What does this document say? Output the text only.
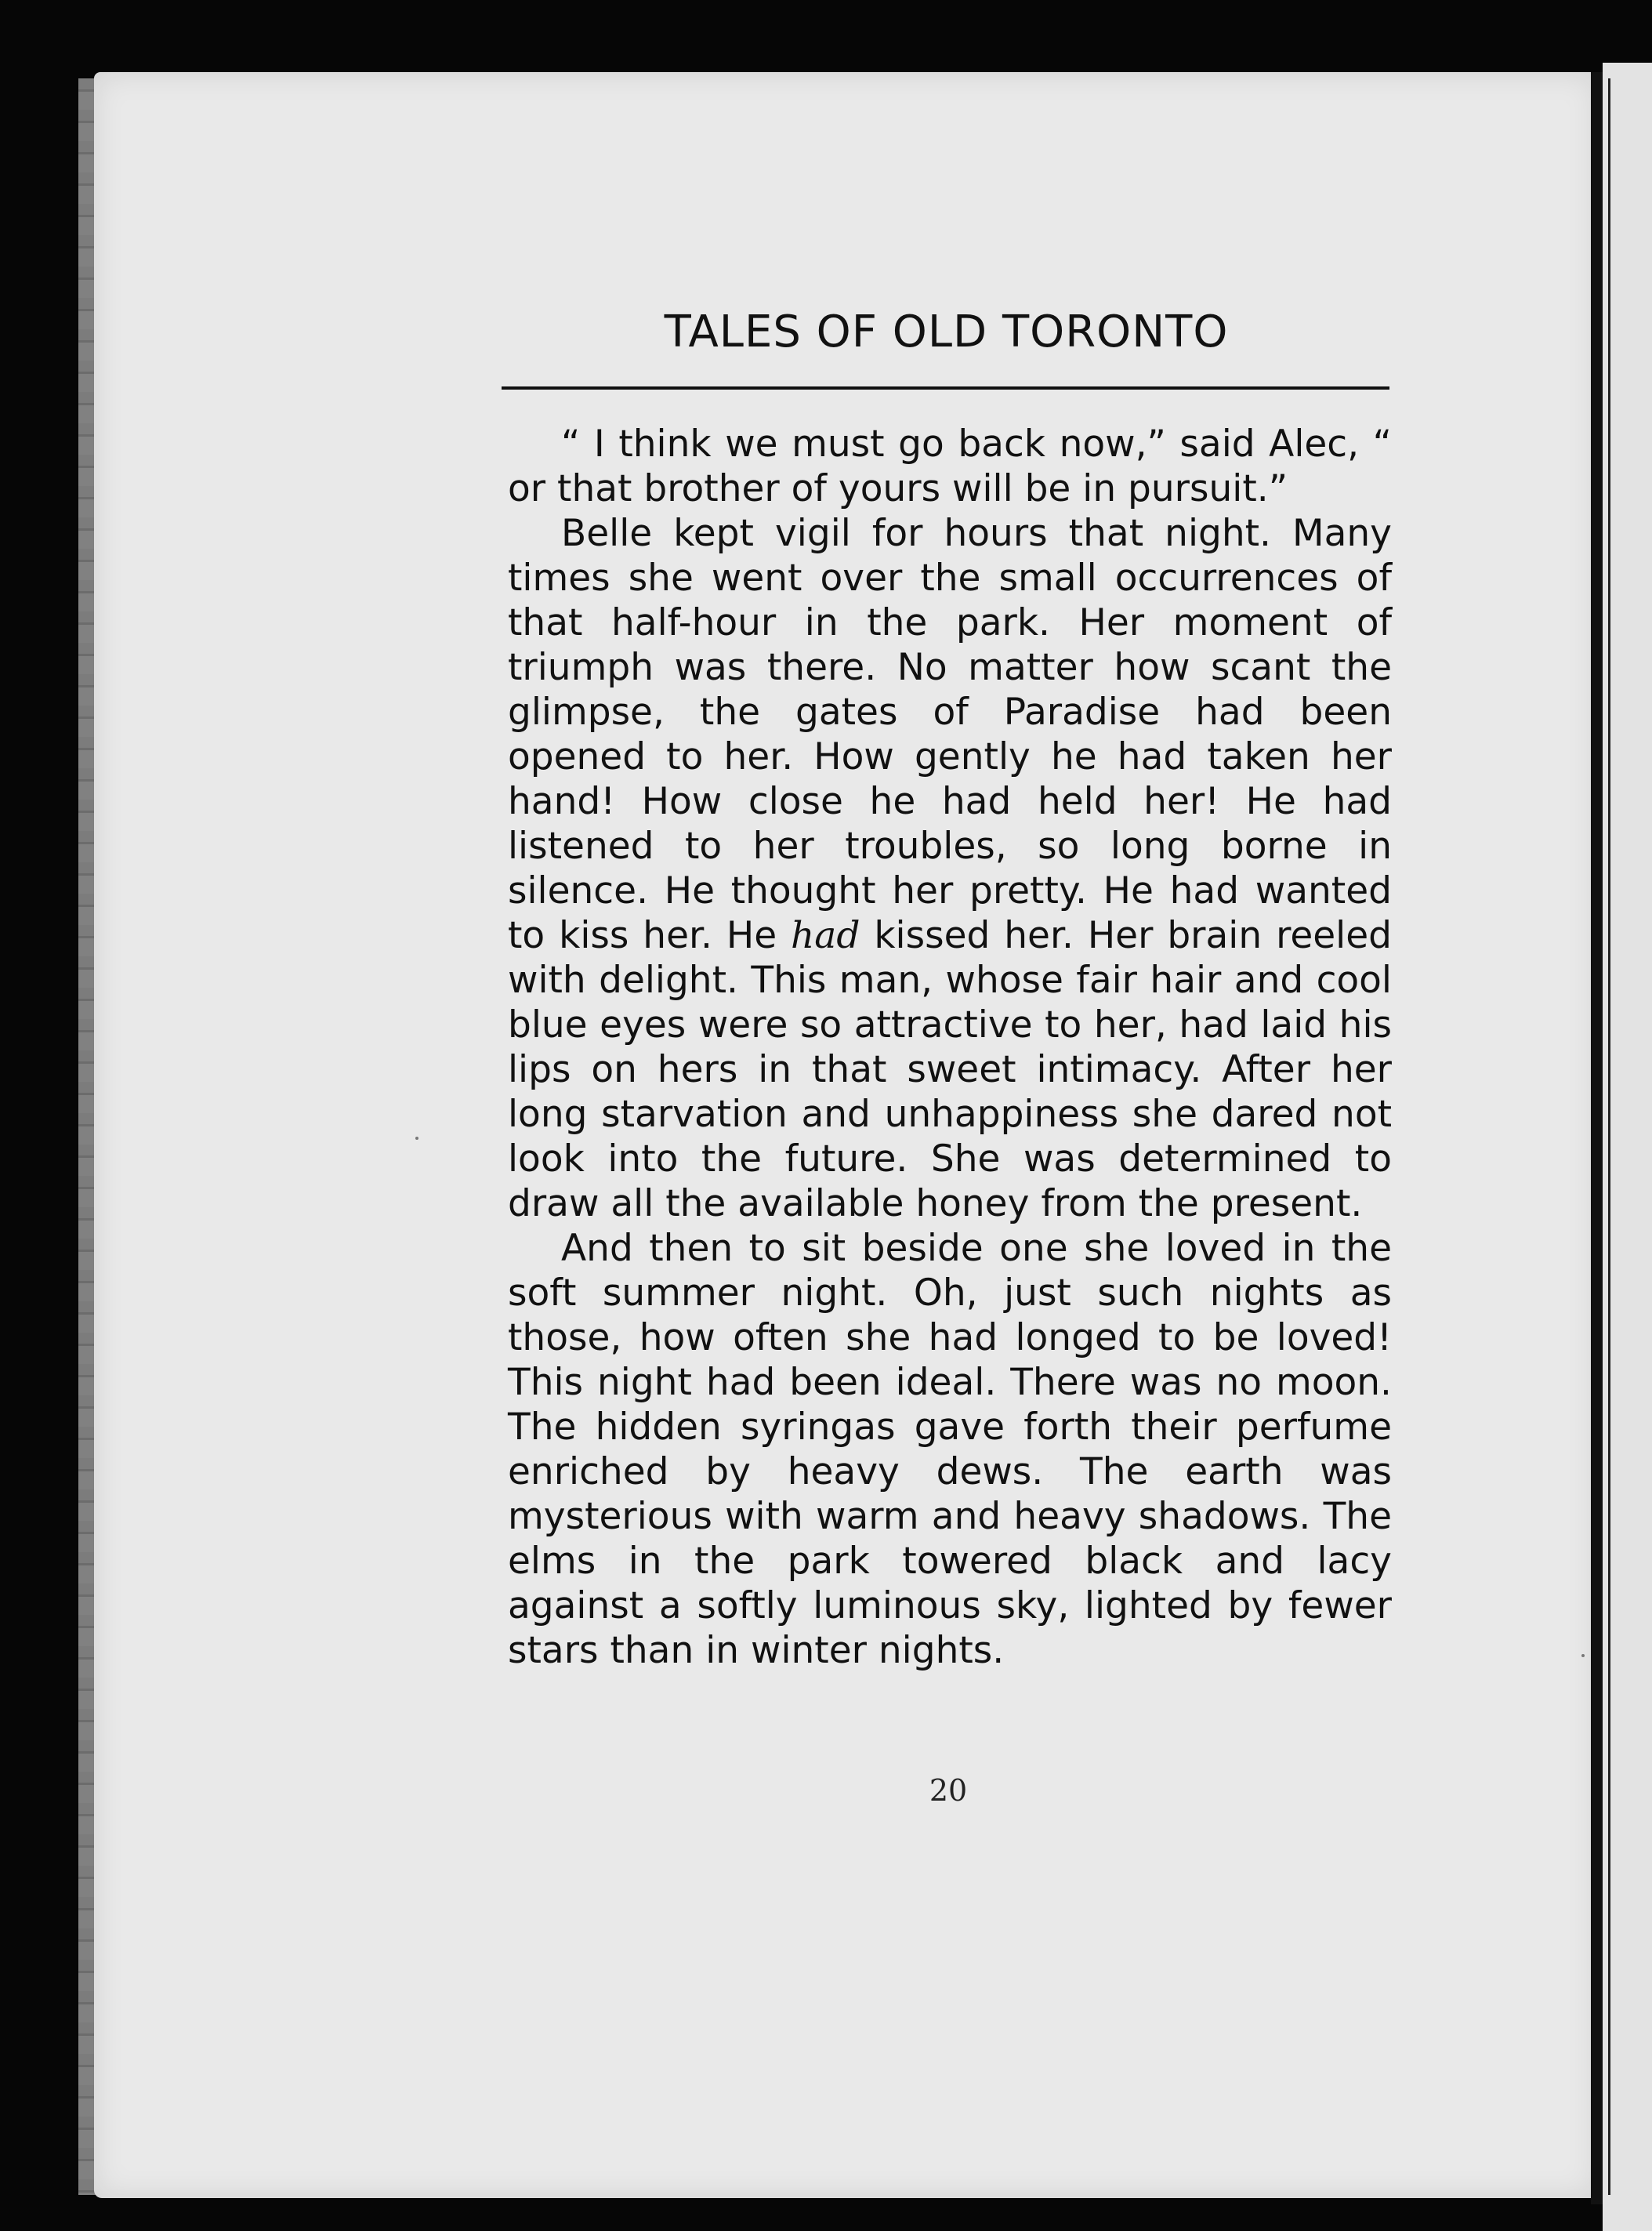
TALES OF OLD TORONTO

“ I think we must go back now,” said Alec, “ or that brother of yours will be in pursuit.”

Belle kept vigil for hours that night. Many times she went over the small occurrences of that half-hour in the park. Her moment of triumph was there. No matter how scant the glimpse, the gates of Paradise had been opened to her. How gently he had taken her hand! How close he had held her! He had listened to her troubles, so long borne in silence. He thought her pretty. He had wanted to kiss her. He had kissed her. Her brain reeled with delight. This man, whose fair hair and cool blue eyes were so attractive to her, had laid his lips on hers in that sweet intimacy. After her long starvation and unhappiness she dared not look into the future. She was determined to draw all the available honey from the present.

And then to sit beside one she loved in the soft summer night. Oh, just such nights as those, how often she had longed to be loved! This night had been ideal. There was no moon. The hidden syringas gave forth their perfume enriched by heavy dews. The earth was mysterious with warm and heavy shadows. The elms in the park towered black and lacy against a softly luminous sky, lighted by fewer stars than in winter nights.

20
